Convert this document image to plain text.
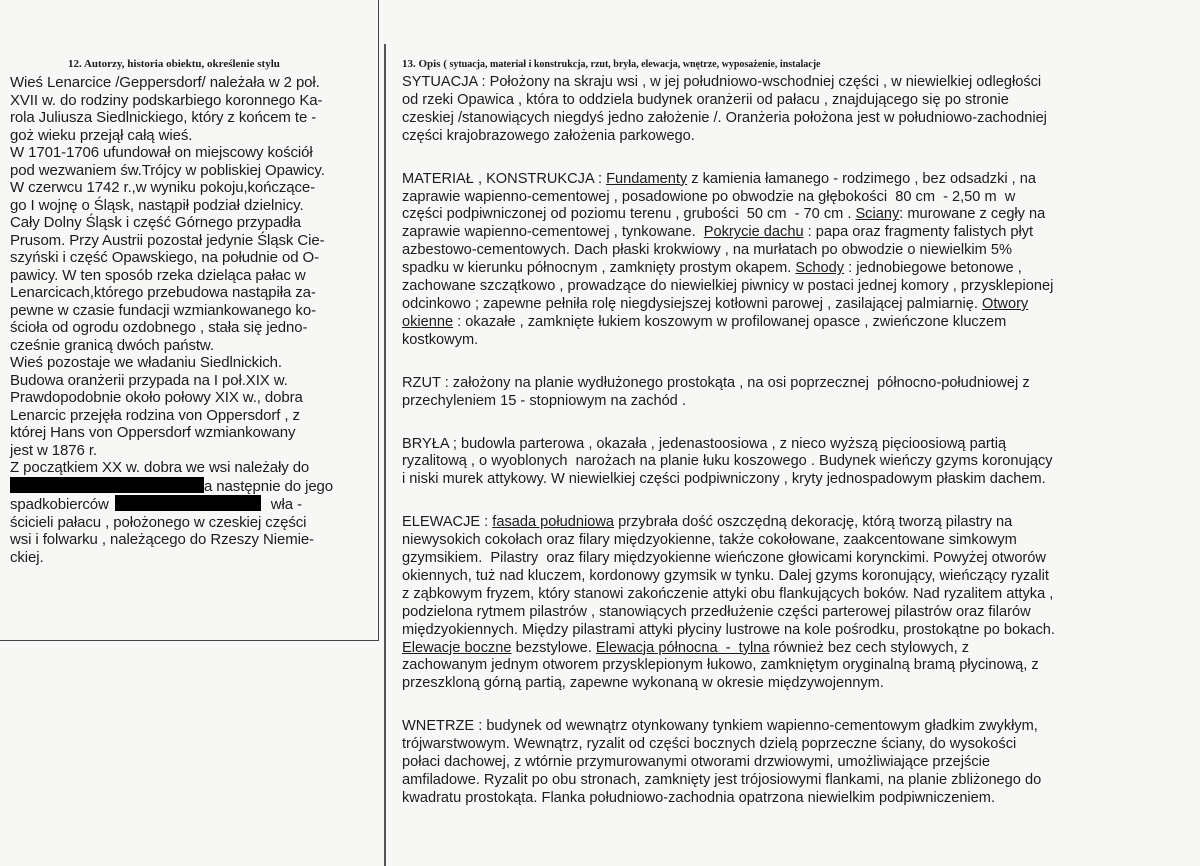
12. Autorzy, historia obiektu, określenie stylu

Wieś Lenarcice /Geppersdorf/ należała w 2 poł.

XVII w. do rodziny podskarbiego koronnego Ka-

rola Juliusza Siedlnickiego, który z końcem te -

goż wieku przejął całą wieś.

W 1701-1706 ufundował on miejscowy kościół

pod wezwaniem św.Trójcy w pobliskiej Opawicy.

W czerwcu 1742 r.,w wyniku pokoju,kończące-

go I wojnę o Śląsk, nastąpił podział dzielnicy.

Cały Dolny Śląsk i część Górnego przypadła

Prusom. Przy Austrii pozostał jedynie Śląsk Cie-

szyński i część Opawskiego, na południe od O-

pawicy. W ten sposób rzeka dzieląca pałac w

Lenarcicach,którego przebudowa nastąpiła za-

pewne w czasie fundacji wzmiankowanego ko-

ścioła od ogrodu ozdobnego , stała się jedno-

cześnie granicą dwóch państw.

Wieś pozostaje we władaniu Siedlnickich.

Budowa oranżerii przypada na I poł.XIX w.

Prawdopodobnie około połowy XIX w., dobra

Lenarcic przejęła rodzina von Oppersdorf , z

której Hans von Oppersdorf wzmiankowany

jest w 1876 r.

Z początkiem XX w. dobra we wsi należały do

a następnie do jego

spadkobierców	wła -

ścicieli pałacu , położonego w czeskiej części

wsi i folwarku , należącego do Rzeszy Niemie-

ckiej.

13. Opis ( sytuacja, materiał i konstrukcja, rzut, bryła, elewacja, wnętrze, wyposażenie, instalacje

SYTUACJA : Położony na skraju wsi , w jej południowo-wschodniej części , w niewielkiej odległości
od rzeki Opawica , która to oddziela budynek oranżerii od pałacu , znajdującego się po stronie
czeskiej /stanowiących niegdyś jedno założenie /. Oranżeria położona jest w południowo-zachodniej
części krajobrazowego założenia parkowego.

MATERIAŁ , KONSTRUKCJA : Fundamenty z kamienia łamanego - rodzimego , bez odsadzki , na
zaprawie wapienno-cementowej , posadowione po obwodzie na głębokości  80 cm  - 2,50 m  w
części podpiwniczonej od poziomu terenu , grubości  50 cm  - 70 cm . Sciany: murowane z cegły na
zaprawie wapienno-cementowej , tynkowane.  Pokrycie dachu : papa oraz fragmenty falistych płyt
azbestowo-cementowych. Dach płaski krokwiowy , na murłatach po obwodzie o niewielkim 5%
spadku w kierunku północnym , zamknięty prostym okapem. Schody : jednobiegowe betonowe ,
zachowane szczątkowo , prowadzące do niewielkiej piwnicy w postaci jednej komory , przysklepionej
odcinkowo ; zapewne pełniła rolę niegdysiejszej kotłowni parowej , zasilającej palmiarnię. Otwory
okienne : okazałe , zamknięte łukiem koszowym w profilowanej opasce , zwieńczone kluczem
kostkowym.

RZUT : założony na planie wydłużonego prostokąta , na osi poprzecznej  północno-południowej z
przechyleniem 15 - stopniowym na zachód .

BRYŁA ; budowla parterowa , okazała , jedenastoosiowa , z nieco wyższą pięcioosiową partią
ryzalitową , o wyoblonych  narożach na planie łuku koszowego . Budynek wieńczy gzyms koronujący
i niski murek attykowy. W niewielkiej części podpiwniczony , kryty jednospadowym płaskim dachem.

ELEWACJE : fasada południowa przybrała dość oszczędną dekorację, którą tworzą pilastry na
niewysokich cokołach oraz filary międzyokienne, także cokołowane, zaakcentowane simkowym
gzymsikiem.  Pilastry  oraz filary międzyokienne wieńczone głowicami korynckimi. Powyżej otworów
okiennych, tuż nad kluczem, kordonowy gzymsik w tynku. Dalej gzyms koronujący, wieńczący ryzalit
z ząbkowym fryzem, który stanowi zakończenie attyki obu flankujących boków. Nad ryzalitem attyka ,
podzielona rytmem pilastrów , stanowiących przedłużenie części parterowej pilastrów oraz filarów
międzyokiennych. Między pilastrami attyki płyciny lustrowe na kole pośrodku, prostokątne po bokach.
Elewacje boczne bezstylowe. Elewacja północna  -  tylna również bez cech stylowych, z
zachowanym jednym otworem przysklepionym łukowo, zamkniętym oryginalną bramą płycinową, z
przeszkloną górną partią, zapewne wykonaną w okresie międzywojennym.

WNETRZE : budynek od wewnątrz otynkowany tynkiem wapienno-cementowym gładkim zwykłym,
trójwarstwowym. Wewnątrz, ryzalit od części bocznych dzielą poprzeczne ściany, do wysokości
połaci dachowej, z wtórnie przymurowanymi otworami drzwiowymi, umożliwiające przejście
amfiladowe. Ryzalit po obu stronach, zamknięty jest trójosiowymi flankami, na planie zbliżonego do
kwadratu prostokąta. Flanka południowo-zachodnia opatrzona niewielkim podpiwniczeniem.
